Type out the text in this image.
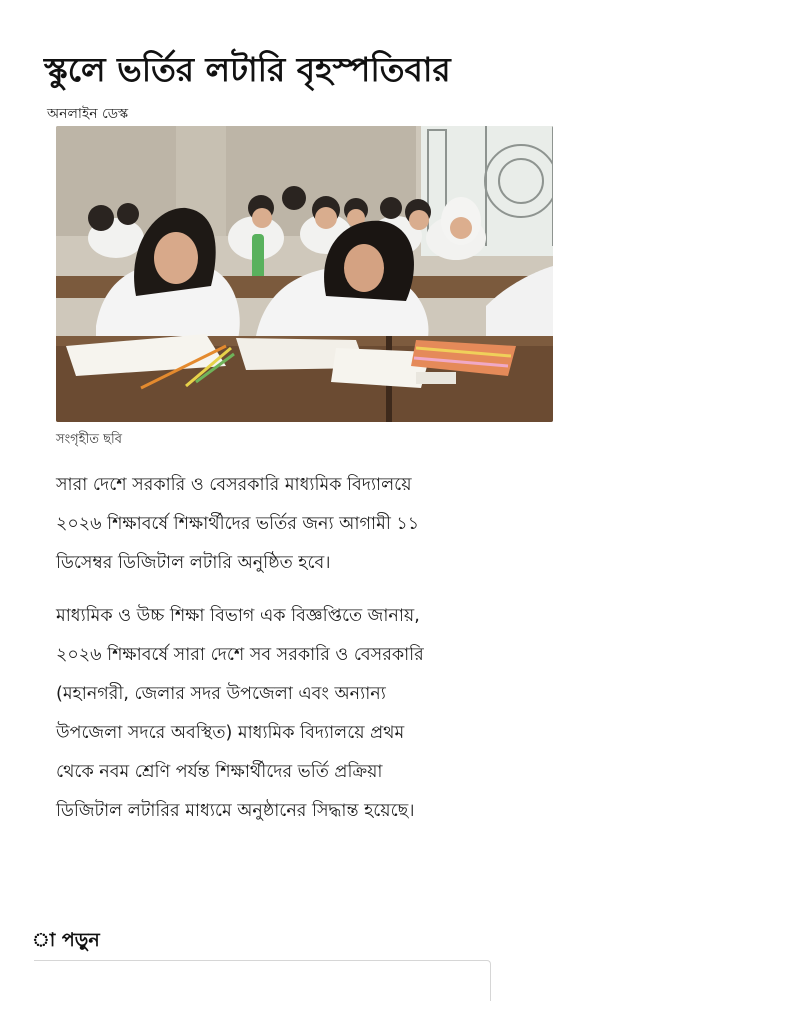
স্কুলে ভর্তির লটারি বৃহস্পতিবার
অনলাইন ডেস্ক
সংগৃহীত ছবি

সারা দেশে সরকারি ও বেসরকারি মাধ্যমিক বিদ্যালয়ে ২০২৬ শিক্ষাবর্ষে শিক্ষার্থীদের ভর্তির জন্য আগামী ১১ ডিসেম্বর ডিজিটাল লটারি অনুষ্ঠিত হবে।

মাধ্যমিক ও উচ্চ শিক্ষা বিভাগ এক বিজ্ঞপ্তিতে জানায়, ২০২৬ শিক্ষাবর্ষে সারা দেশে সব সরকারি ও বেসরকারি (মহানগরী, জেলার সদর উপজেলা এবং অন্যান্য উপজেলা সদরে অবস্থিত) মাধ্যমিক বিদ্যালয়ে প্রথম থেকে নবম শ্রেণি পর্যন্ত শিক্ষার্থীদের ভর্তি প্রক্রিয়া ডিজিটাল লটারির মাধ্যমে অনুষ্ঠানের সিদ্ধান্ত হয়েছে।

া পড়ুন
